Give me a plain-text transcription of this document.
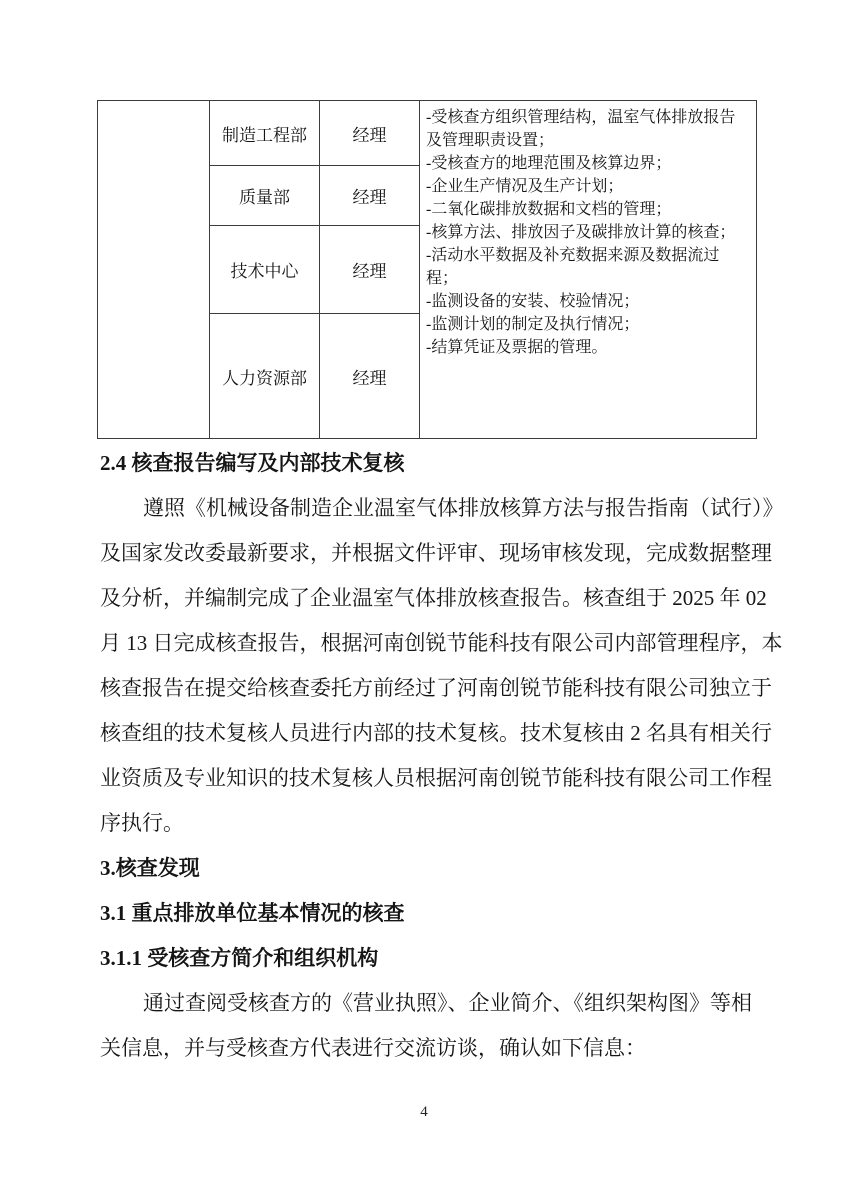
制造工程部	经理
质量部	经理
技术中心	经理
人力资源部	经理
-受核查方组织管理结构，温室气体排放报告及管理职责设置；
-受核查方的地理范围及核算边界；
-企业生产情况及生产计划；
-二氧化碳排放数据和文档的管理；
-核算方法、排放因子及碳排放计算的核查；
-活动水平数据及补充数据来源及数据流过程；
-监测设备的安装、校验情况；
-监测计划的制定及执行情况；
-结算凭证及票据的管理。
2.4 核查报告编写及内部技术复核
遵照《机械设备制造企业温室气体排放核算方法与报告指南（试行）》
及国家发改委最新要求，并根据文件评审、现场审核发现，完成数据整理
及分析，并编制完成了企业温室气体排放核查报告。核查组于 2025 年 02
月 13 日完成核查报告，根据河南创锐节能科技有限公司内部管理程序，本
核查报告在提交给核查委托方前经过了河南创锐节能科技有限公司独立于
核查组的技术复核人员进行内部的技术复核。技术复核由 2 名具有相关行
业资质及专业知识的技术复核人员根据河南创锐节能科技有限公司工作程
序执行。
3.核查发现
3.1 重点排放单位基本情况的核查
3.1.1 受核查方简介和组织机构
通过查阅受核查方的《营业执照》、企业简介、《组织架构图》等相
关信息，并与受核查方代表进行交流访谈，确认如下信息：
4
